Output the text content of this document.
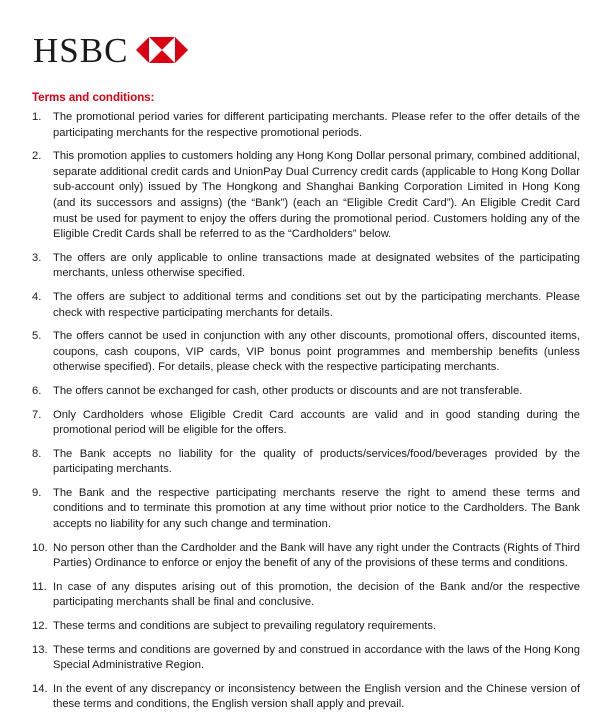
HSBC
Terms and conditions:
1.	The promotional period varies for different participating merchants. Please refer to the offer details of the participating merchants for the respective promotional periods.
2.	This promotion applies to customers holding any Hong Kong Dollar personal primary, combined additional, separate additional credit cards and UnionPay Dual Currency credit cards (applicable to Hong Kong Dollar sub-account only) issued by The Hongkong and Shanghai Banking Corporation Limited in Hong Kong (and its successors and assigns) (the “Bank”) (each an “Eligible Credit Card”). An Eligible Credit Card must be used for payment to enjoy the offers during the promotional period. Customers holding any of the Eligible Credit Cards shall be referred to as the “Cardholders” below.
3.	The offers are only applicable to online transactions made at designated websites of the participating merchants, unless otherwise specified.
4.	The offers are subject to additional terms and conditions set out by the participating merchants. Please check with respective participating merchants for details.
5.	The offers cannot be used in conjunction with any other discounts, promotional offers, discounted items, coupons, cash coupons, VIP cards, VIP bonus point programmes and membership benefits (unless otherwise specified). For details, please check with the respective participating merchants.
6.	The offers cannot be exchanged for cash, other products or discounts and are not transferable.
7.	Only Cardholders whose Eligible Credit Card accounts are valid and in good standing during the promotional period will be eligible for the offers.
8.	The Bank accepts no liability for the quality of products/services/food/beverages provided by the participating merchants.
9.	The Bank and the respective participating merchants reserve the right to amend these terms and conditions and to terminate this promotion at any time without prior notice to the Cardholders. The Bank accepts no liability for any such change and termination.
10. No person other than the Cardholder and the Bank will have any right under the Contracts (Rights of Third Parties) Ordinance to enforce or enjoy the benefit of any of the provisions of these terms and conditions.
11. In case of any disputes arising out of this promotion, the decision of the Bank and/or the respective participating merchants shall be final and conclusive.
12. These terms and conditions are subject to prevailing regulatory requirements.
13. These terms and conditions are governed by and construed in accordance with the laws of the Hong Kong Special Administrative Region.
14. In the event of any discrepancy or inconsistency between the English version and the Chinese version of these terms and conditions, the English version shall apply and prevail.
